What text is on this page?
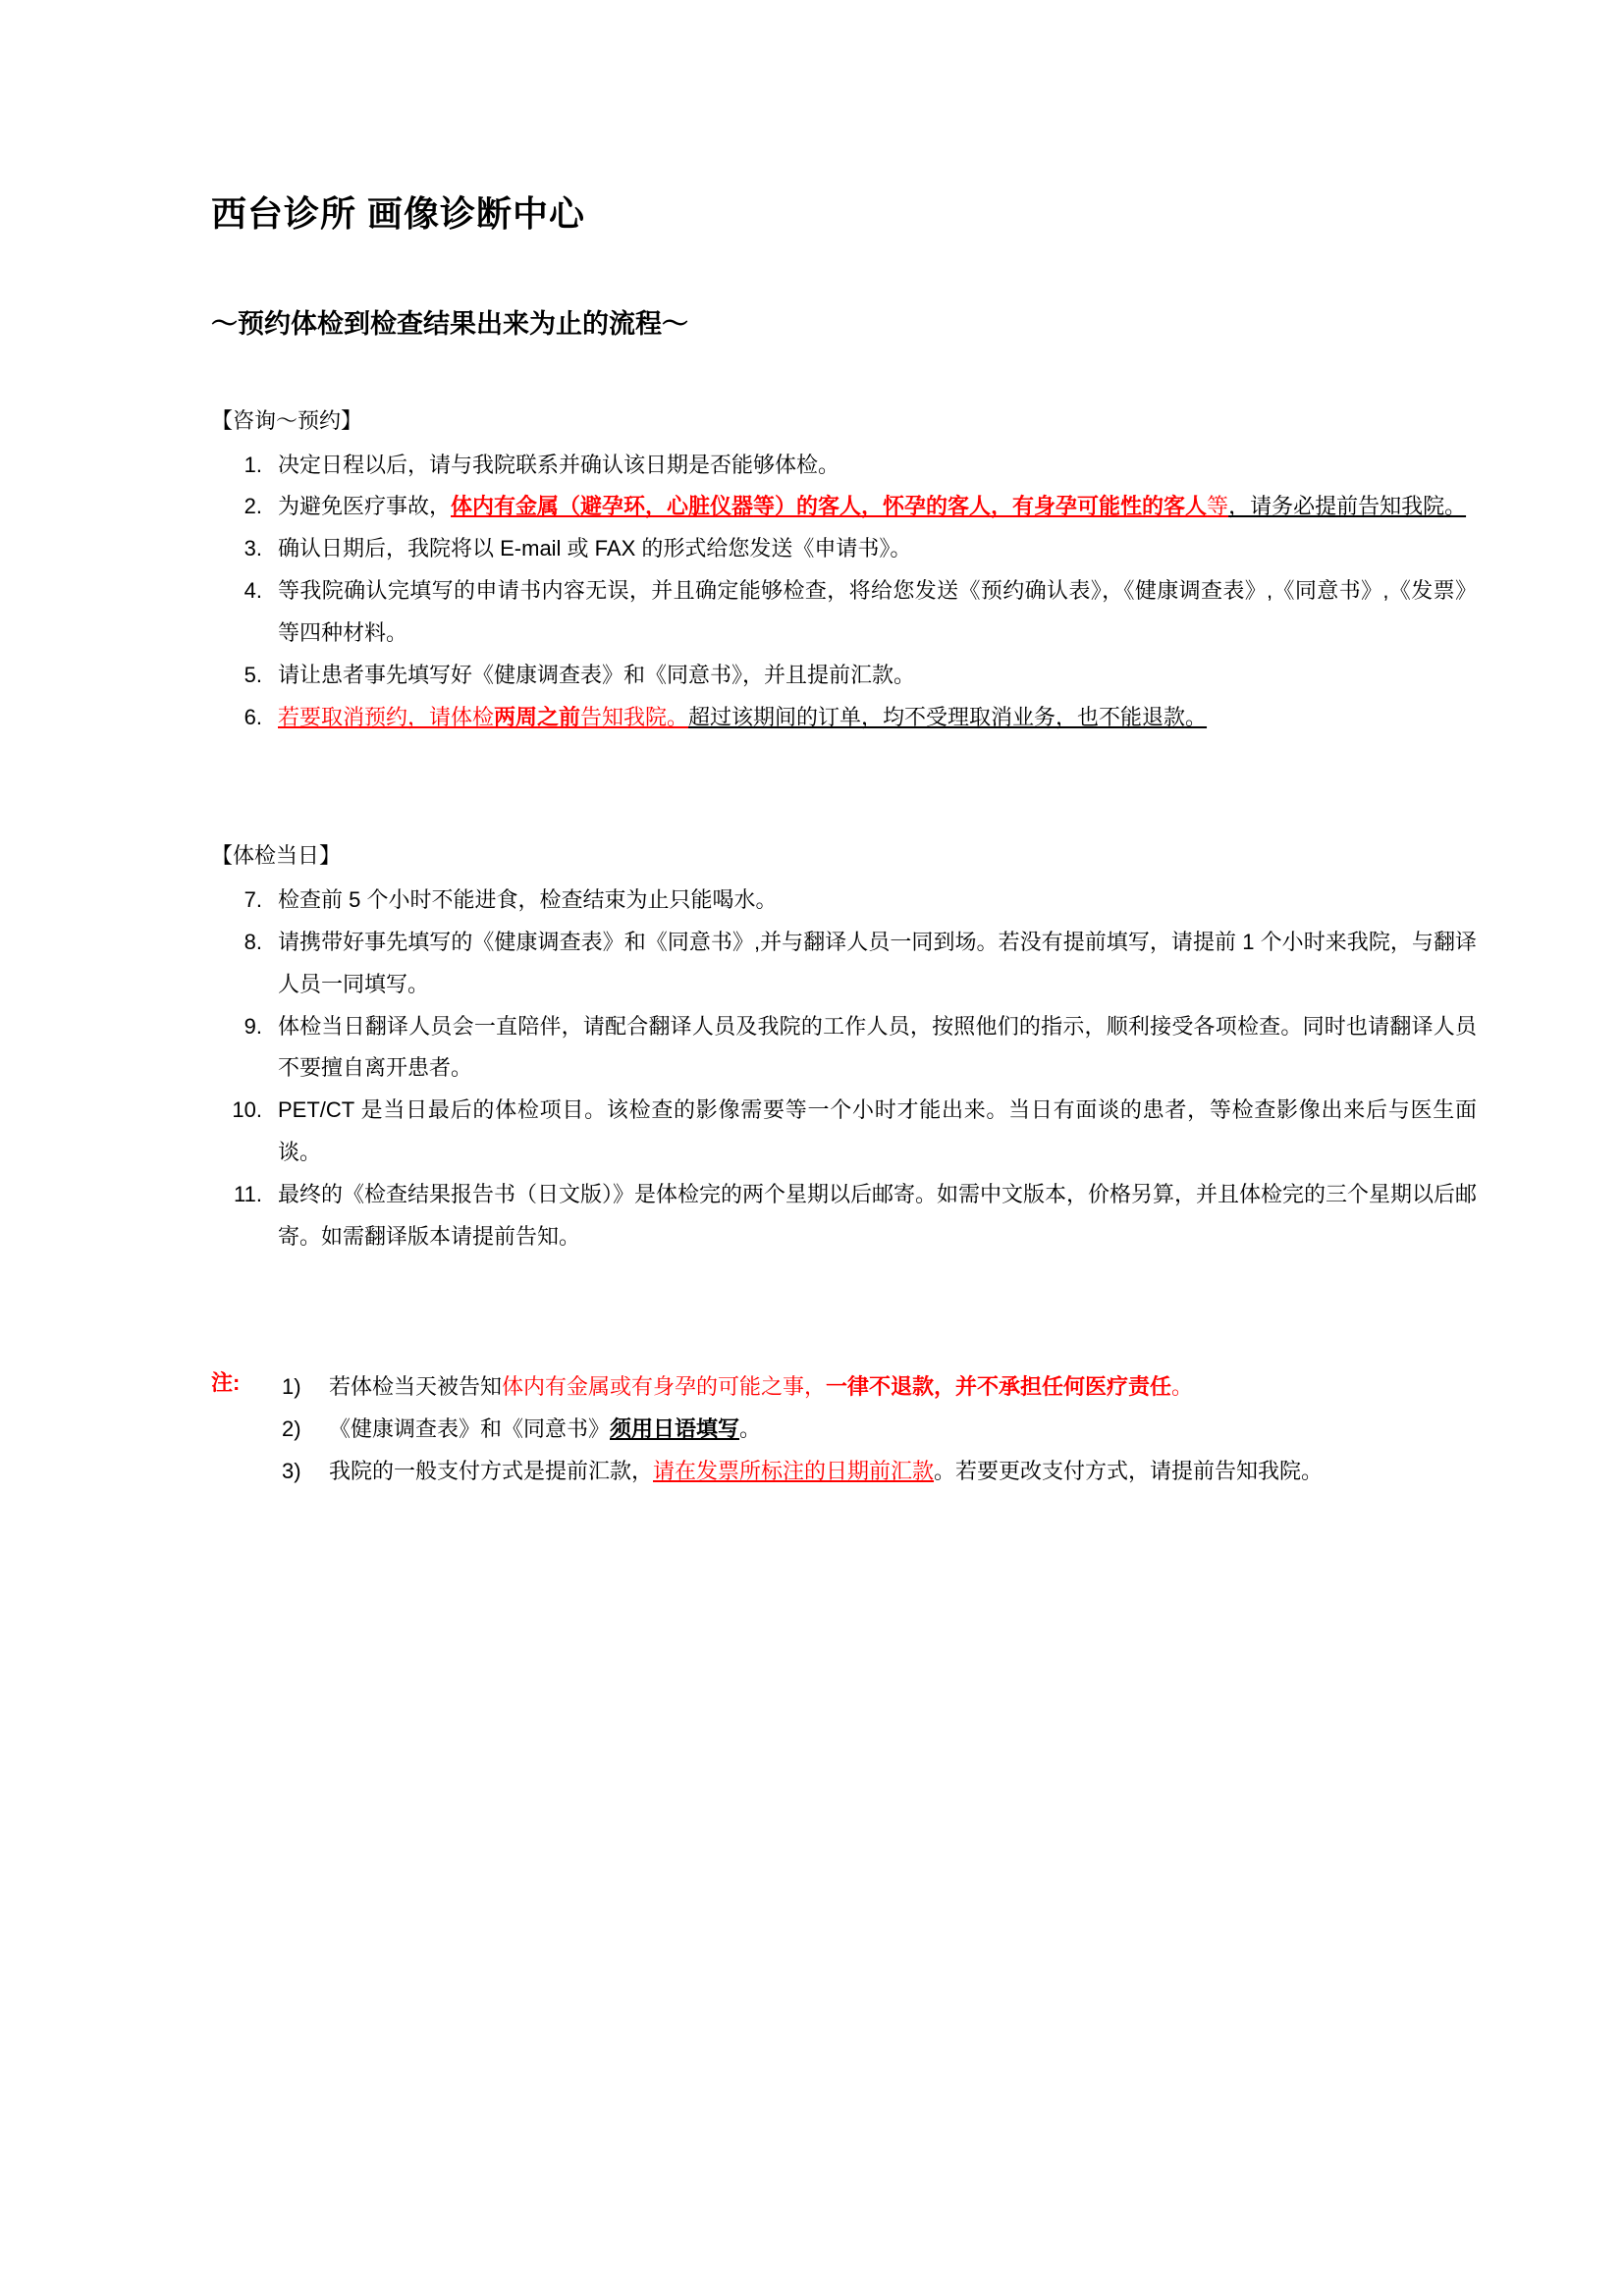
西台诊所 画像诊断中心
～预约体检到检查结果出来为止的流程～
【咨询～预约】
1. 决定日程以后，请与我院联系并确认该日期是否能够体检。
2. 为避免医疗事故，体内有金属（避孕环，心脏仪器等）的客人，怀孕的客人，有身孕可能性的客人等，请务必提前告知我院。
3. 确认日期后，我院将以 E-mail 或 FAX 的形式给您发送《申请书》。
4. 等我院确认完填写的申请书内容无误，并且确定能够检查，将给您发送《预约确认表》，《健康调查表》,《同意书》,《发票》等四种材料。
5. 请让患者事先填写好《健康调查表》和《同意书》，并且提前汇款。
6. 若要取消预约，请体检两周之前告知我院。超过该期间的订单，均不受理取消业务，也不能退款。
【体检当日】
7. 检查前 5 个小时不能进食，检查结束为止只能喝水。
8. 请携带好事先填写的《健康调查表》和《同意书》,并与翻译人员一同到场。若没有提前填写，请提前 1 个小时来我院，与翻译人员一同填写。
9. 体检当日翻译人员会一直陪伴，请配合翻译人员及我院的工作人员，按照他们的指示，顺利接受各项检查。同时也请翻译人员不要擅自离开患者。
10. PET/CT 是当日最后的体检项目。该检查的影像需要等一个小时才能出来。当日有面谈的患者，等检查影像出来后与医生面谈。
11. 最终的《检查结果报告书（日文版）》是体检完的两个星期以后邮寄。如需中文版本，价格另算，并且体检完的三个星期以后邮寄。如需翻译版本请提前告知。
注: 1)	若体检当天被告知体内有金属或有身孕的可能之事，一律不退款，并不承担任何医疗责任。
2)	《健康调查表》和《同意书》须用日语填写。
3)	我院的一般支付方式是提前汇款，请在发票所标注的日期前汇款。若要更改支付方式，请提前告知我院。
